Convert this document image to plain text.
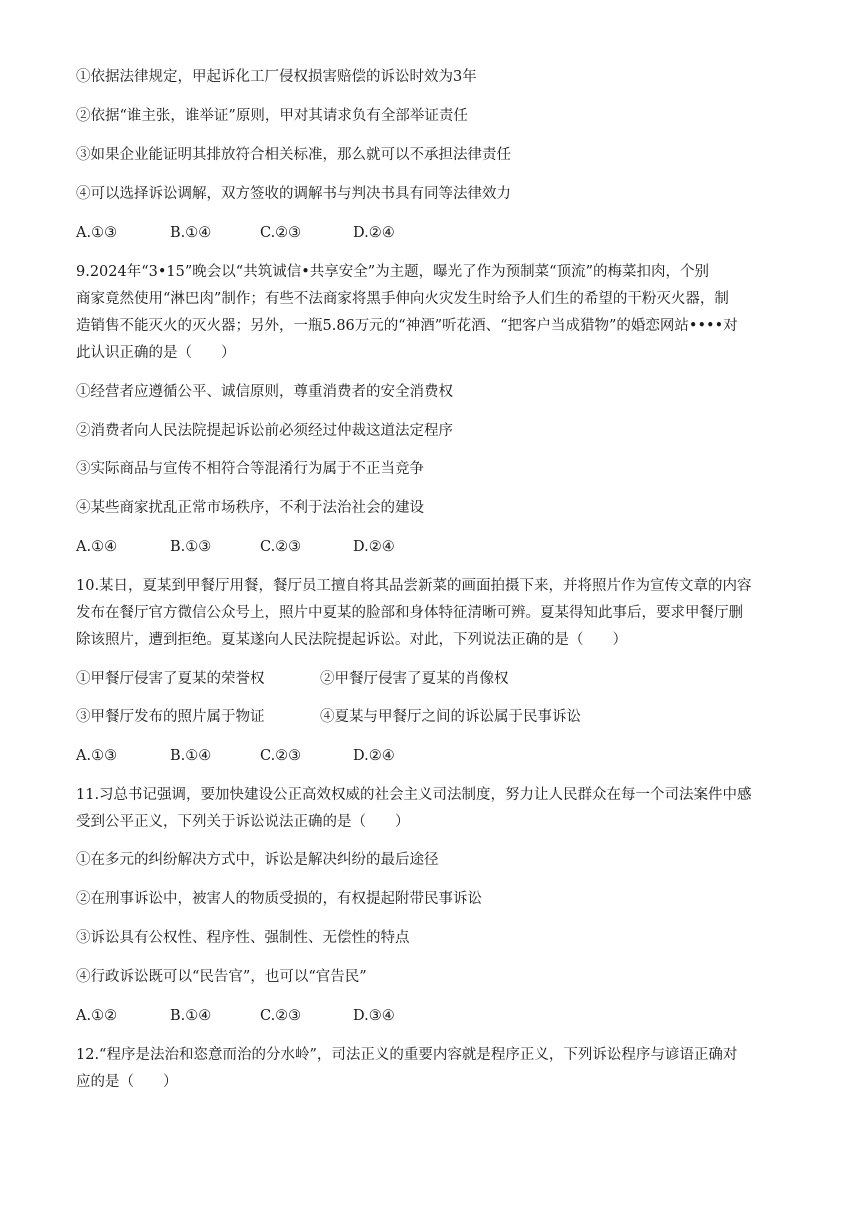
①依据法律规定，甲起诉化工厂侵权损害赔偿的诉讼时效为3年
②依据“谁主张，谁举证”原则，甲对其请求负有全部举证责任
③如果企业能证明其排放符合相关标准，那么就可以不承担法律责任
④可以选择诉讼调解，双方签收的调解书与判决书具有同等法律效力
A.①③	B.①④	C.②③	D.②④
9.2024年“3•15”晚会以“共筑诚信•共享安全”为主题，曝光了作为预制菜“顶流”的梅菜扣肉，个别
商家竟然使用“淋巴肉”制作；有些不法商家将黑手伸向火灾发生时给予人们生的希望的干粉灭火器，制
造销售不能灭火的灭火器；另外，一瓶5.86万元的“神酒”听花酒、“把客户当成猎物”的婚恋网站••••对
此认识正确的是（　　）
①经营者应遵循公平、诚信原则，尊重消费者的安全消费权
②消费者向人民法院提起诉讼前必须经过仲裁这道法定程序
③实际商品与宣传不相符合等混淆行为属于不正当竞争
④某些商家扰乱正常市场秩序，不利于法治社会的建设
A.①④	B.①③	C.②③	D.②④
10.某日，夏某到甲餐厅用餐，餐厅员工擅自将其品尝新菜的画面拍摄下来，并将照片作为宣传文章的内容
发布在餐厅官方微信公众号上，照片中夏某的脸部和身体特征清晰可辨。夏某得知此事后，要求甲餐厅删
除该照片，遭到拒绝。夏某遂向人民法院提起诉讼。对此，下列说法正确的是（　　）
①甲餐厅侵害了夏某的荣誉权	②甲餐厅侵害了夏某的肖像权
③甲餐厅发布的照片属于物证	④夏某与甲餐厅之间的诉讼属于民事诉讼
A.①③	B.①④	C.②③	D.②④
11.习总书记强调，要加快建设公正高效权威的社会主义司法制度，努力让人民群众在每一个司法案件中感
受到公平正义，下列关于诉讼说法正确的是（　　）
①在多元的纠纷解决方式中，诉讼是解决纠纷的最后途径
②在刑事诉讼中，被害人的物质受损的，有权提起附带民事诉讼
③诉讼具有公权性、程序性、强制性、无偿性的特点
④行政诉讼既可以“民告官”，也可以“官告民”
A.①②	B.①④	C.②③	D.③④
12.“程序是法治和恣意而治的分水岭”，司法正义的重要内容就是程序正义，下列诉讼程序与谚语正确对
应的是（　　）
